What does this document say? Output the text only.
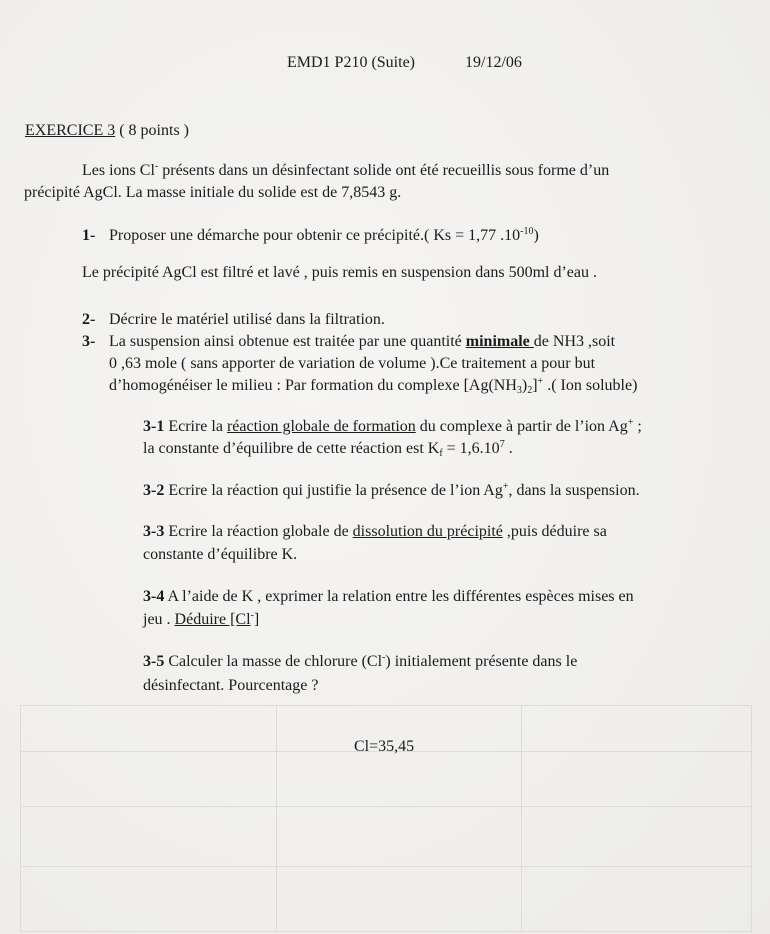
EMD1 P210 (Suite)	19/12/06
EXERCICE 3 ( 8 points )
Les ions Cl- présents dans un désinfectant solide ont été recueillis sous forme d’un
précipité AgCl. La masse initiale du solide est de 7,8543 g.
1- Proposer une démarche pour obtenir ce précipité.( Ks = 1,77 $.10^{-10}$)
Le précipité AgCl est filtré et lavé , puis remis en suspension dans 500ml d’eau .
2- Décrire le matériel utilisé dans la filtration.
3- La suspension ainsi obtenue est traitée par une quantité minimale de NH3 ,soit
0 ,63 mole ( sans apporter de variation de volume ).Ce traitement a pour but
d’homogénéiser le milieu : Par formation du complexe $[Ag(NH_3)_2]^+$ .( Ion soluble)
3-1 Ecrire la réaction globale de formation du complexe à partir de l’ion Ag+ ;
la constante d’équilibre de cette réaction est $K_f = 1,6.10^7$ .
3-2 Ecrire la réaction qui justifie la présence de l’ion Ag+, dans la suspension.
3-3 Ecrire la réaction globale de dissolution du précipité ,puis déduire sa
constante d’équilibre K.
3-4 A l’aide de K , exprimer la relation entre les différentes espèces mises en
jeu . Déduire [Cl-]
3-5 Calculer la masse de chlorure (Cl-) initialement présente dans le
désinfectant. Pourcentage ?
Cl=35,45
